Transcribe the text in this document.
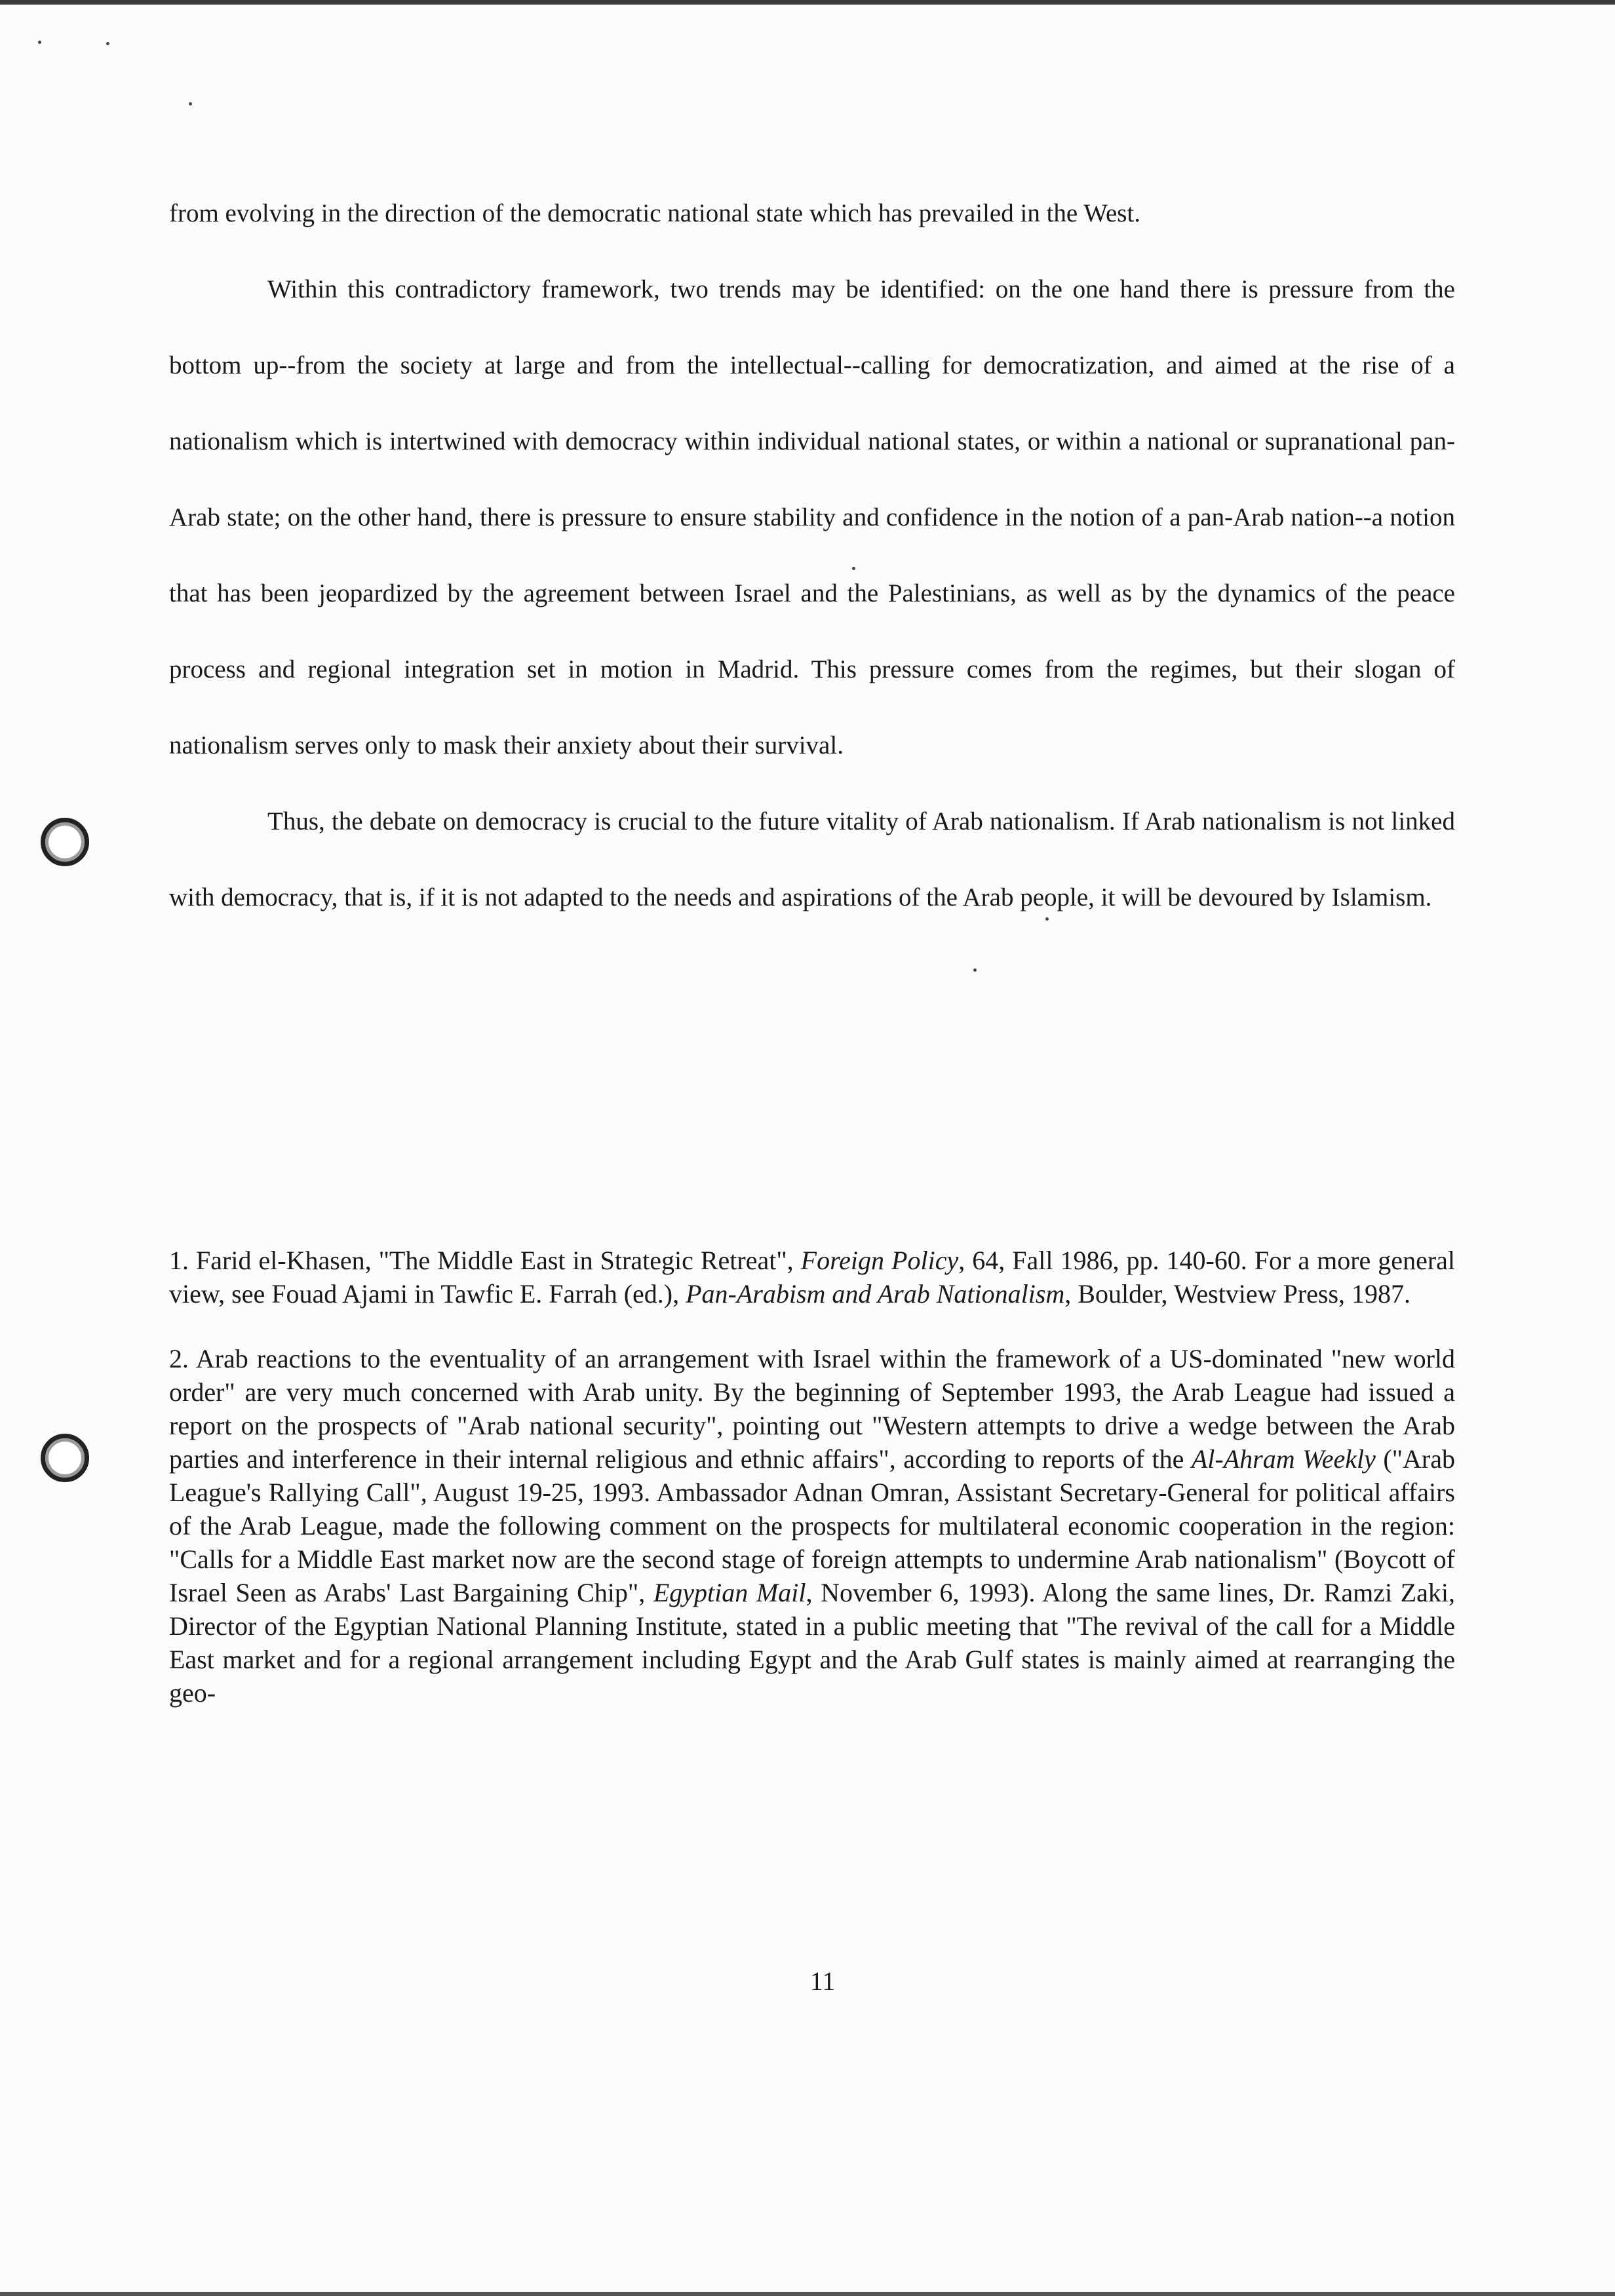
from evolving in the direction of the democratic national state which has prevailed in the West.

Within this contradictory framework, two trends may be identified: on the one hand there is pressure from the bottom up--from the society at large and from the intellectual--calling for democratization, and aimed at the rise of a nationalism which is intertwined with democracy within individual national states, or within a national or supranational pan-Arab state; on the other hand, there is pressure to ensure stability and confidence in the notion of a pan-Arab nation--a notion that has been jeopardized by the agreement between Israel and the Palestinians, as well as by the dynamics of the peace process and regional integration set in motion in Madrid. This pressure comes from the regimes, but their slogan of nationalism serves only to mask their anxiety about their survival.

Thus, the debate on democracy is crucial to the future vitality of Arab nationalism. If Arab nationalism is not linked with democracy, that is, if it is not adapted to the needs and aspirations of the Arab people, it will be devoured by Islamism.

1. Farid el-Khasen, "The Middle East in Strategic Retreat", Foreign Policy, 64, Fall 1986, pp. 140-60. For a more general view, see Fouad Ajami in Tawfic E. Farrah (ed.), Pan-Arabism and Arab Nationalism, Boulder, Westview Press, 1987.

2. Arab reactions to the eventuality of an arrangement with Israel within the framework of a US-dominated "new world order" are very much concerned with Arab unity. By the beginning of September 1993, the Arab League had issued a report on the prospects of "Arab national security", pointing out "Western attempts to drive a wedge between the Arab parties and interference in their internal religious and ethnic affairs", according to reports of the Al-Ahram Weekly ("Arab League's Rallying Call", August 19-25, 1993. Ambassador Adnan Omran, Assistant Secretary-General for political affairs of the Arab League, made the following comment on the prospects for multilateral economic cooperation in the region: "Calls for a Middle East market now are the second stage of foreign attempts to undermine Arab nationalism" (Boycott of Israel Seen as Arabs' Last Bargaining Chip", Egyptian Mail, November 6, 1993). Along the same lines, Dr. Ramzi Zaki, Director of the Egyptian National Planning Institute, stated in a public meeting that "The revival of the call for a Middle East market and for a regional arrangement including Egypt and the Arab Gulf states is mainly aimed at rearranging the geo-

11
